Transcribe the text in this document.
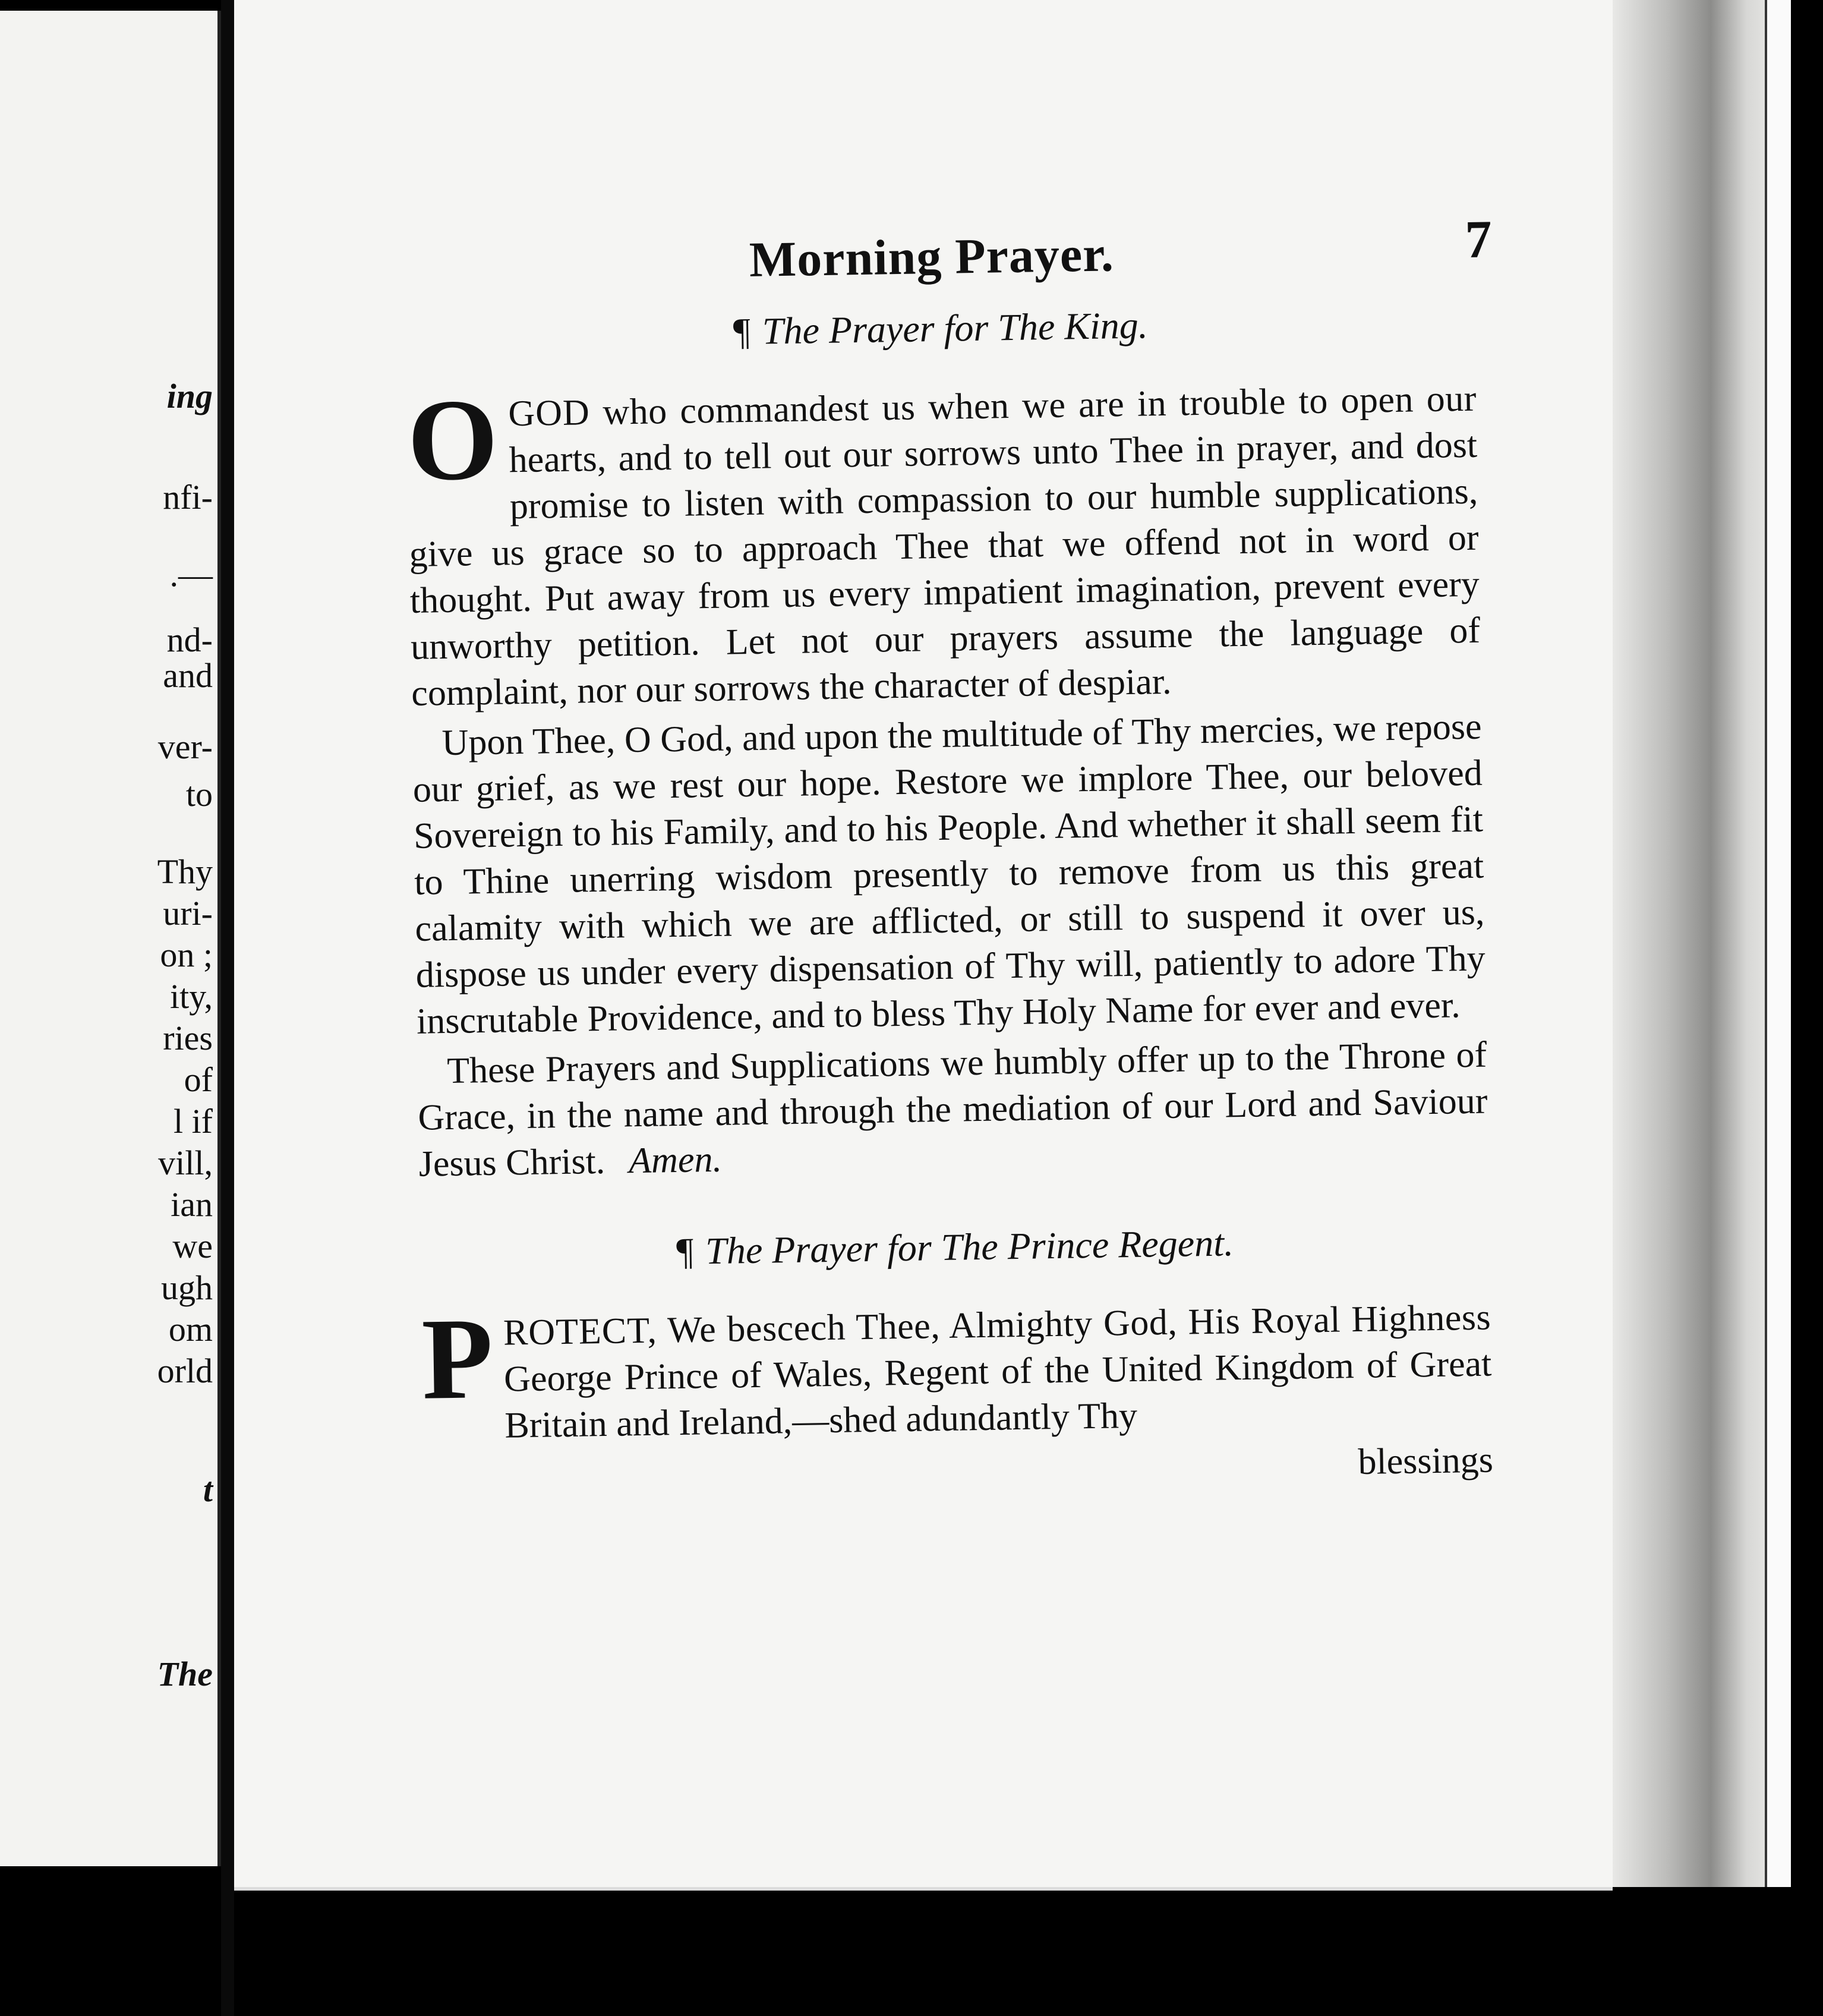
ing
nfi-
.—
nd-
and
ver-
to
Thy
uri-
on ;
ity,
ries
of
l if
vill,
ian
we
ugh
om
orld
t
The
Morning Prayer.	7
¶ The Prayer for The King.

OGOD who commandest us when we are in trouble to open our hearts, and to tell out our sorrows unto Thee in prayer, and dost promise to listen with compassion to our humble supplications, give us grace so to approach Thee that we offend not in word or thought. Put away from us every impatient imagination, prevent every unworthy petition. Let not our prayers assume the language of complaint, nor our sorrows the character of despiar.

Upon Thee, O God, and upon the multitude of Thy mercies, we repose our grief, as we rest our hope. Restore we implore Thee, our beloved Sovereign to his Family, and to his People. And whether it shall seem fit to Thine unerring wisdom presently to remove from us this great calamity with which we are afflicted, or still to suspend it over us, dispose us under every dispensation of Thy will, patiently to adore Thy inscrutable Providence, and to bless Thy Holy Name for ever and ever.

These Prayers and Supplications we humbly offer up to the Throne of Grace, in the name and through the mediation of our Lord and Saviour Jesus Christ. Amen.

¶ The Prayer for The Prince Regent.

PROTECT, We bescech Thee, Almighty God, His Royal Highness George Prince of Wales, Regent of the United Kingdom of Great Britain and Ireland,—shed adundantly Thy

blessings
